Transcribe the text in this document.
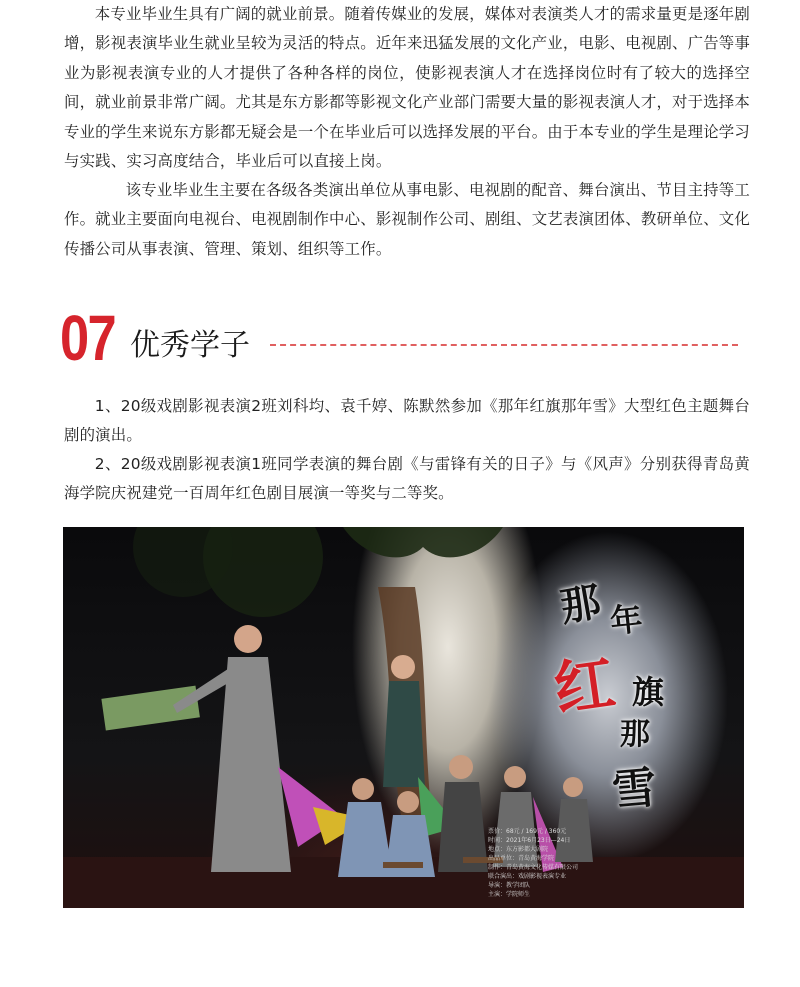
本专业毕业生具有广阔的就业前景。随着传媒业的发展，媒体对表演类人才的需求量更是逐年剧增，影视表演毕业生就业呈较为灵活的特点。近年来迅猛发展的文化产业，电影、电视剧、广告等事业为影视表演专业的人才提供了各种各样的岗位，使影视表演人才在选择岗位时有了较大的选择空间，就业前景非常广阔。尤其是东方影都等影视文化产业部门需要大量的影视表演人才，对于选择本专业的学生来说东方影都无疑会是一个在毕业后可以选择发展的平台。由于本专业的学生是理论学习与实践、实习高度结合，毕业后可以直接上岗。

该专业毕业生主要在各级各类演出单位从事电影、电视剧的配音、舞台演出、节目主持等工作。就业主要面向电视台、电视剧制作中心、影视制作公司、剧组、文艺表演团体、教研单位、文化传播公司从事表演、管理、策划、组织等工作。

07 优秀学子

1、20级戏剧影视表演2班刘科均、袁千婷、陈默然参加《那年红旗那年雪》大型红色主题舞台剧的演出。

2、20级戏剧影视表演1班同学表演的舞台剧《与雷锋有关的日子》与《风声》分别获得青岛黄海学院庆祝建党一百周年红色剧目展演一等奖与二等奖。

那 年
红 旗
那
雪
票价：68元 / 169元 / 360元
时间：2021年6月23日—24日
地点：东方影都大剧院
出品单位：青岛黄海学院
制作：青岛黄海文化传媒有限公司
联合演出：戏剧影视表演专业
导演：教学团队
主演：学院师生
